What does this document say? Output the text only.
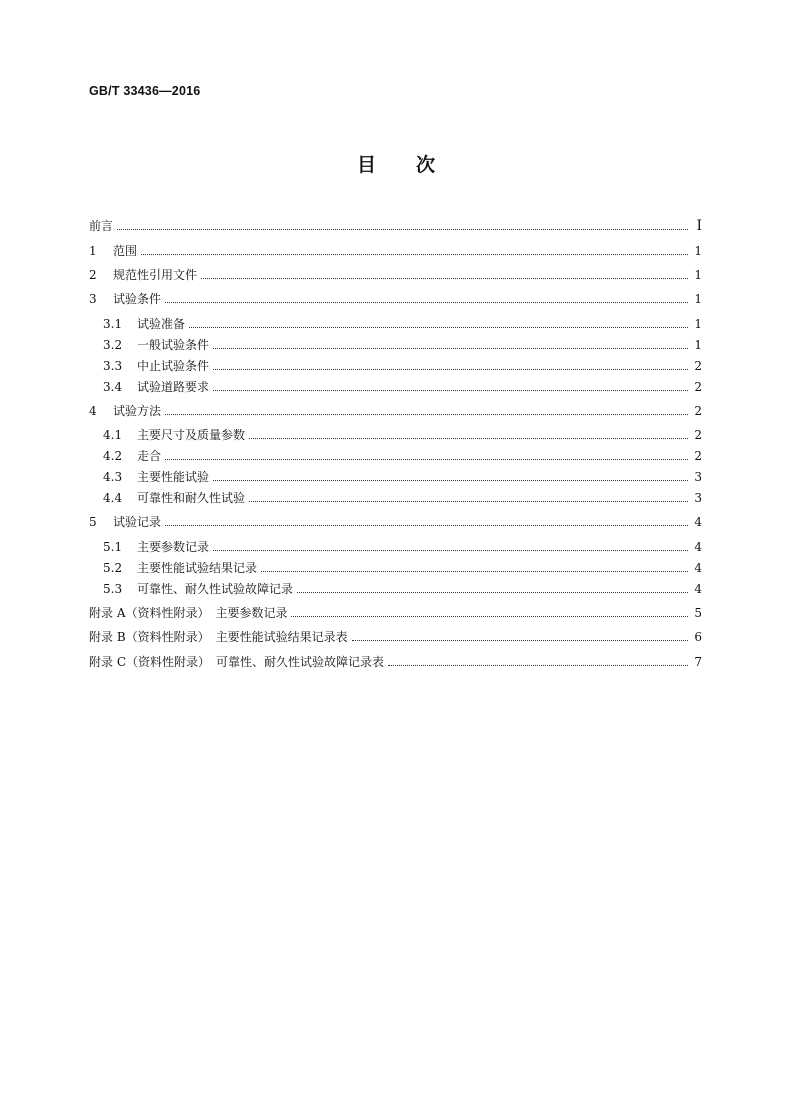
GB/T 33436—2016
目 次
前言	I
1	范围	1
2	规范性引用文件	1
3	试验条件	1
3.1	试验准备	1
3.2	一般试验条件	1
3.3	中止试验条件	2
3.4	试验道路要求	2
4	试验方法	2
4.1	主要尺寸及质量参数	2
4.2	走合	2
4.3	主要性能试验	3
4.4	可靠性和耐久性试验	3
5	试验记录	4
5.1	主要参数记录	4
5.2	主要性能试验结果记录	4
5.3	可靠性、耐久性试验故障记录	4
附录 A（资料性附录）　主要参数记录	5
附录 B（资料性附录）　主要性能试验结果记录表	6
附录 C（资料性附录）　可靠性、耐久性试验故障记录表	7
